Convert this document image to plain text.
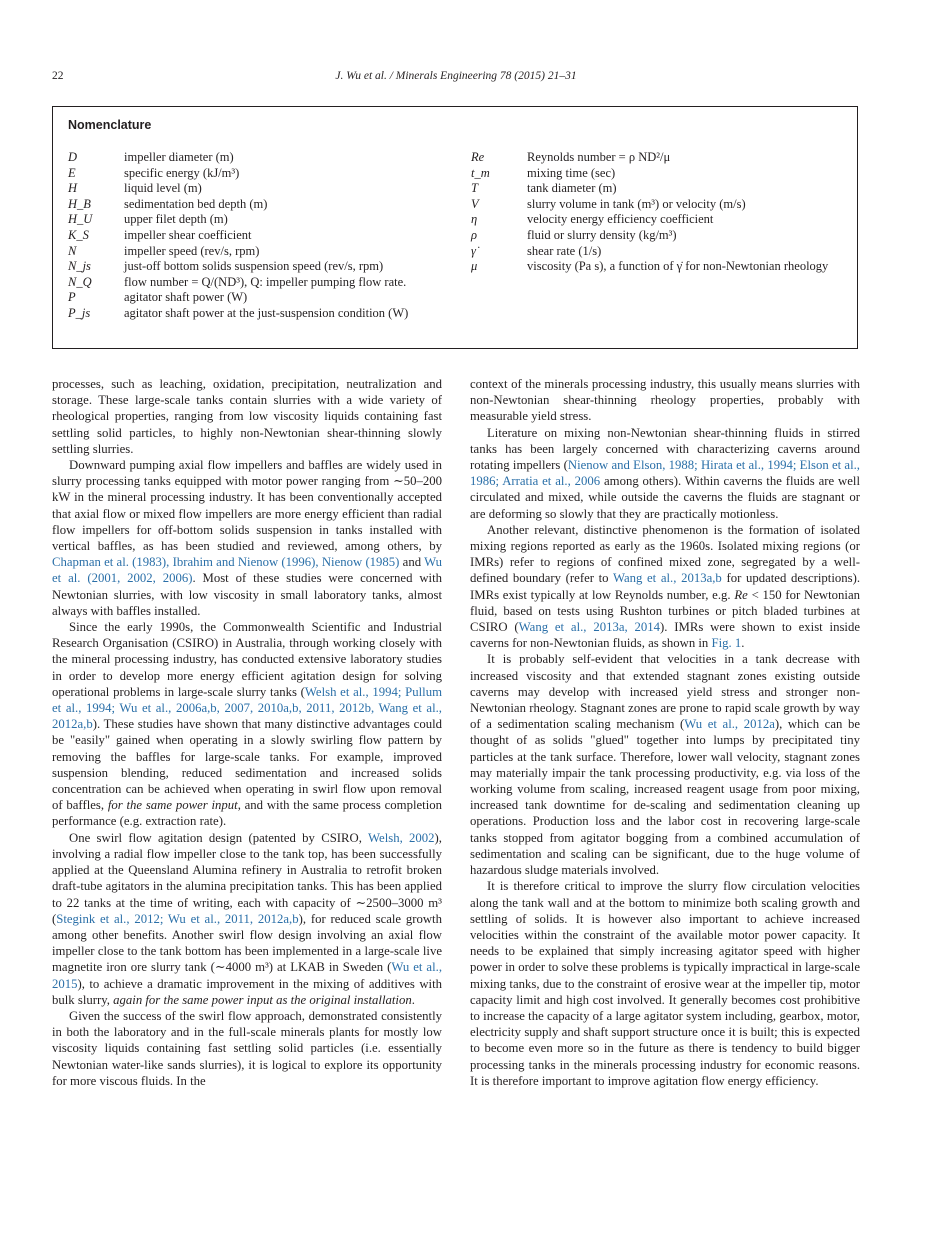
22	J. Wu et al. / Minerals Engineering 78 (2015) 21–31
Nomenclature
D	impeller diameter (m)
E	specific energy (kJ/m³)
H	liquid level (m)
H_B	sedimentation bed depth (m)
H_U	upper filet depth (m)
K_S	impeller shear coefficient
N	impeller speed (rev/s, rpm)
N_js	just-off bottom solids suspension speed (rev/s, rpm)
N_Q	flow number = Q/(ND³), Q: impeller pumping flow rate.
P	agitator shaft power (W)
P_js	agitator shaft power at the just-suspension condition (W)
Re	Reynolds number = ρ ND²/μ
t_m	mixing time (sec)
T	tank diameter (m)
V	slurry volume in tank (m³) or velocity (m/s)
η	velocity energy efficiency coefficient
ρ	fluid or slurry density (kg/m³)
γ̇	shear rate (1/s)
μ	viscosity (Pa s), a function of γ̇ for non-Newtonian rheology

processes, such as leaching, oxidation, precipitation, neutralization and storage. These large-scale tanks contain slurries with a wide variety of rheological properties, ranging from low viscosity liquids containing fast settling solid particles, to highly non-Newtonian shear-thinning slowly settling slurries.

Downward pumping axial flow impellers and baffles are widely used in slurry processing tanks equipped with motor power ranging from ∼50–200 kW in the mineral processing industry. It has been conventionally accepted that axial flow or mixed flow impellers are more energy efficient than radial flow impellers for off-bottom solids suspension in tanks installed with vertical baffles, as has been studied and reviewed, among others, by Chapman et al. (1983), Ibrahim and Nienow (1996), Nienow (1985) and Wu et al. (2001, 2002, 2006). Most of these studies were concerned with Newtonian slurries, with low viscosity in small laboratory tanks, almost always with baffles installed.

Since the early 1990s, the Commonwealth Scientific and Industrial Research Organisation (CSIRO) in Australia, through working closely with the mineral processing industry, has conducted extensive laboratory studies in order to develop more energy efficient agitation design for solving operational problems in large-scale slurry tanks (Welsh et al., 1994; Pullum et al., 1994; Wu et al., 2006a,b, 2007, 2010a,b, 2011, 2012b, Wang et al., 2012a,b). These studies have shown that many distinctive advantages could be "easily" gained when operating in a slowly swirling flow pattern by removing the baffles for large-scale tanks. For example, improved suspension blending, reduced sedimentation and increased solids concentration can be achieved when operating in swirl flow upon removal of baffles, for the same power input, and with the same process completion performance (e.g. extraction rate).

One swirl flow agitation design (patented by CSIRO, Welsh, 2002), involving a radial flow impeller close to the tank top, has been successfully applied at the Queensland Alumina refinery in Australia to retrofit broken draft-tube agitators in the alumina precipitation tanks. This has been applied to 22 tanks at the time of writing, each with capacity of ∼2500–3000 m³ (Stegink et al., 2012; Wu et al., 2011, 2012a,b), for reduced scale growth among other benefits. Another swirl flow design involving an axial flow impeller close to the tank bottom has been implemented in a large-scale live magnetite iron ore slurry tank (∼4000 m³) at LKAB in Sweden (Wu et al., 2015), to achieve a dramatic improvement in the mixing of additives with bulk slurry, again for the same power input as the original installation.

Given the success of the swirl flow approach, demonstrated consistently in both the laboratory and in the full-scale minerals plants for mostly low viscosity liquids containing fast settling solid particles (i.e. essentially Newtonian water-like sands slurries), it is logical to explore its opportunity for more viscous fluids. In the

context of the minerals processing industry, this usually means slurries with non-Newtonian shear-thinning rheology properties, probably with measurable yield stress.

Literature on mixing non-Newtonian shear-thinning fluids in stirred tanks has been largely concerned with characterizing caverns around rotating impellers (Nienow and Elson, 1988; Hirata et al., 1994; Elson et al., 1986; Arratia et al., 2006 among others). Within caverns the fluids are well circulated and mixed, while outside the caverns the fluids are stagnant or are deforming so slowly that they are practically motionless.

Another relevant, distinctive phenomenon is the formation of isolated mixing regions reported as early as the 1960s. Isolated mixing regions (or IMRs) refer to regions of confined mixed zone, segregated by a well-defined boundary (refer to Wang et al., 2013a,b for updated descriptions). IMRs exist typically at low Reynolds number, e.g. Re < 150 for Newtonian fluid, based on tests using Rushton turbines or pitch bladed turbines at CSIRO (Wang et al., 2013a, 2014). IMRs were shown to exist inside caverns for non-Newtonian fluids, as shown in Fig. 1.

It is probably self-evident that velocities in a tank decrease with increased viscosity and that extended stagnant zones existing outside caverns may develop with increased yield stress and stronger non-Newtonian rheology. Stagnant zones are prone to rapid scale growth by way of a sedimentation scaling mechanism (Wu et al., 2012a), which can be thought of as solids "glued" together into lumps by precipitated tiny particles at the tank surface. Therefore, lower wall velocity, stagnant zones may materially impair the tank processing productivity, e.g. via loss of the working volume from scaling, increased reagent usage from poor mixing, increased tank downtime for de-scaling and sedimentation cleaning up operations. Production loss and the labor cost in recovering large-scale tanks stopped from agitator bogging from a combined accumulation of sedimentation and scaling can be significant, due to the huge volume of hazardous sludge materials involved.

It is therefore critical to improve the slurry flow circulation velocities along the tank wall and at the bottom to minimize both scaling growth and settling of solids. It is however also important to achieve increased velocities within the constraint of the available motor power capacity. It needs to be explained that simply increasing agitator speed with higher power in order to solve these problems is typically impractical in large-scale mixing tanks, due to the constraint of erosive wear at the impeller tip, motor capacity limit and high cost involved. It generally becomes cost prohibitive to increase the capacity of a large agitator system including, gearbox, motor, electricity supply and shaft support structure once it is built; this is expected to become even more so in the future as there is tendency to build bigger processing tanks in the minerals processing industry for economic reasons. It is therefore important to improve agitation flow energy efficiency.
